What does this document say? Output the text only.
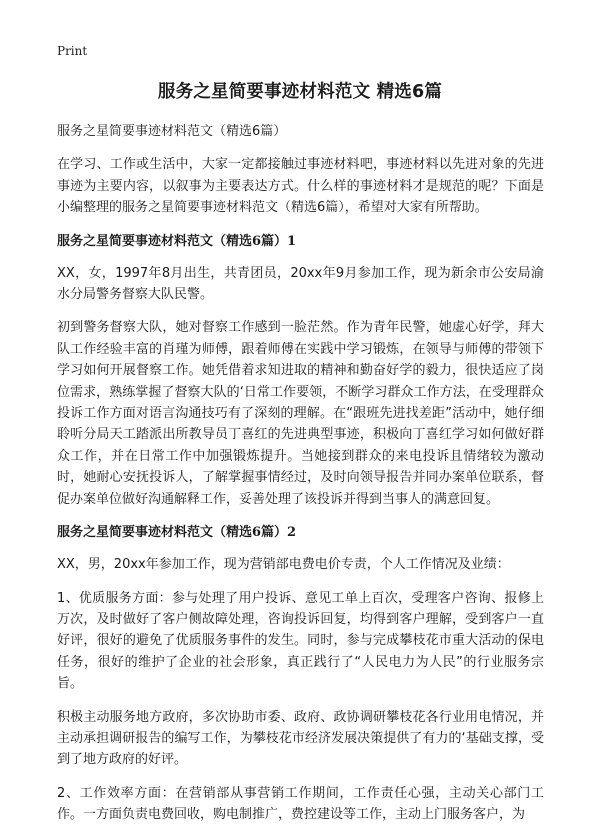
Print
服务之星简要事迹材料范文 精选6篇

服务之星简要事迹材料范文（精选6篇）

在学习、工作或生活中，大家一定都接触过事迹材料吧，事迹材料以先进对象的先进事迹为主要内容，以叙事为主要表达方式。什么样的事迹材料才是规范的呢？下面是小编整理的服务之星简要事迹材料范文（精选6篇），希望对大家有所帮助。

服务之星简要事迹材料范文（精选6篇）1

XX，女，1997年8月出生，共青团员，20xx年9月参加工作，现为新余市公安局渝水分局警务督察大队民警。

初到警务督察大队，她对督察工作感到一脸茫然。作为青年民警，她虚心好学，拜大队工作经验丰富的肖瑾为师傅，跟着师傅在实践中学习锻炼，在领导与师傅的带领下学习如何开展督察工作。她凭借着求知进取的精神和勤奋好学的毅力，很快适应了岗位需求，熟练掌握了督察大队的‘日常工作要领，不断学习群众工作方法，在受理群众投诉工作方面对语言沟通技巧有了深刻的理解。在“跟班先进找差距”活动中，她仔细聆听分局天工踏派出所教导员丁喜红的先进典型事迹，积极向丁喜红学习如何做好群众工作，并在日常工作中加强锻炼提升。当她接到群众的来电投诉且情绪较为激动时，她耐心安抚投诉人，了解掌握事情经过，及时向领导报告并同办案单位联系，督促办案单位做好沟通解释工作，妥善处理了该投诉并得到当事人的满意回复。

服务之星简要事迹材料范文（精选6篇）2

XX，男，20xx年参加工作，现为营销部电费电价专责，个人工作情况及业绩：

1、优质服务方面：参与处理了用户投诉、意见工单上百次，受理客户咨询、报修上万次，及时做好了客户侧故障处理，咨询投诉回复，均得到客户理解，受到客户一直好评，很好的避免了优质服务事件的发生。同时，参与完成攀枝花市重大活动的保电任务，很好的维护了企业的社会形象，真正践行了“人民电力为人民”的行业服务宗旨。

积极主动服务地方政府，多次协助市委、政府、政协调研攀枝花各行业用电情况，并主动承担调研报告的编写工作，为攀枝花市经济发展决策提供了有力的‘基础支撑，受到了地方政府的好评。

2、工作效率方面：在营销部从事营销工作期间，工作责任心强，主动关心部门工作。一方面负责电费回收，购电制推广，费控建设等工作，主动上门服务客户，为
